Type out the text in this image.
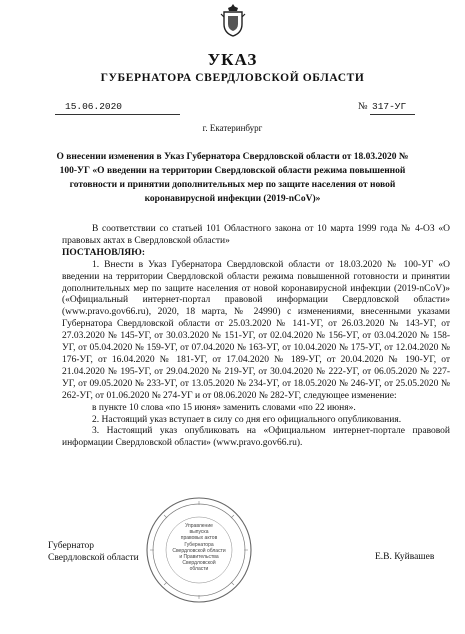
УКАЗ
ГУБЕРНАТОРА СВЕРДЛОВСКОЙ ОБЛАСТИ
15.06.2020	№ 317-УГ
г. Екатеринбург
О внесении изменения в Указ Губернатора Свердловской области от 18.03.2020 № 100-УГ «О введении на территории Свердловской области режима повышенной готовности и принятии дополнительных мер по защите населения от новой коронавирусной инфекции (2019-nCoV)»

В соответствии со статьей 101 Областного закона от 10 марта 1999 года № 4-ОЗ «О правовых актах в Свердловской области»

ПОСТАНОВЛЯЮ:

1. Внести в Указ Губернатора Свердловской области от 18.03.2020 № 100-УГ «О введении на территории Свердловской области режима повышенной готовности и принятии дополнительных мер по защите населения от новой коронавирусной инфекции (2019-nCoV)» («Официальный интернет-портал правовой информации Свердловской области» (www.pravo.gov66.ru), 2020, 18 марта, № 24990) с изменениями, внесенными указами Губернатора Свердловской области от 25.03.2020 № 141-УГ, от 26.03.2020 № 143-УГ, от 27.03.2020 № 145-УГ, от 30.03.2020 № 151-УГ, от 02.04.2020 № 156-УГ, от 03.04.2020 № 158-УГ, от 05.04.2020 № 159-УГ, от 07.04.2020 № 163-УГ, от 10.04.2020 № 175-УГ, от 12.04.2020 № 176-УГ, от 16.04.2020 № 181-УГ, от 17.04.2020 № 189-УГ, от 20.04.2020 № 190-УГ, от 21.04.2020 № 195-УГ, от 29.04.2020 № 219-УГ, от 30.04.2020 № 222-УГ, от 06.05.2020 № 227-УГ, от 09.05.2020 № 233-УГ, от 13.05.2020 № 234-УГ, от 18.05.2020 № 246-УГ, от 25.05.2020 № 262-УГ, от 01.06.2020 № 274-УГ и от 08.06.2020 № 282-УГ, следующее изменение:

в пункте 10 слова «по 15 июня» заменить словами «по 22 июня».

2. Настоящий указ вступает в силу со дня его официального опубликования.

3. Настоящий указ опубликовать на «Официальном интернет-портале правовой информации Свердловской области» (www.pravo.gov66.ru).

Губернатор
Свердловской области	Е.В. Куйвашев
Управление
выпуска
правовых актов
Губернатора
Свердловской области
и Правительства
Свердловской
области
